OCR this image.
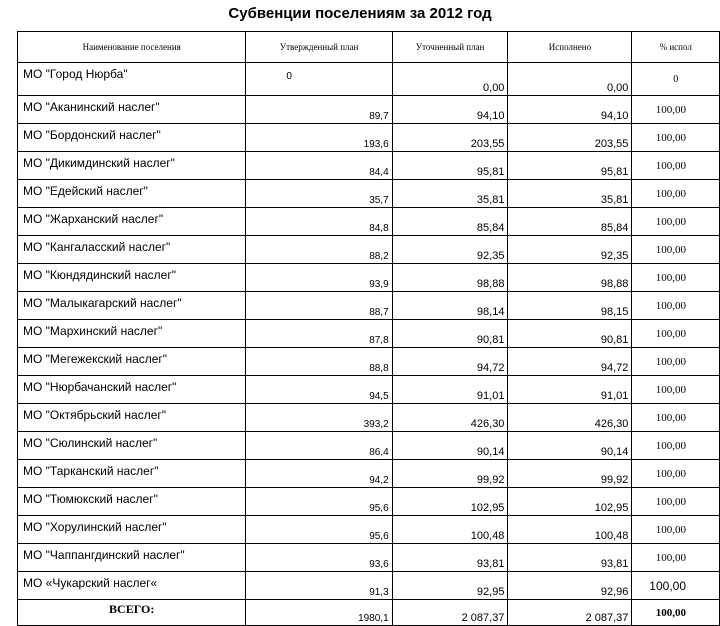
Субвенции поселениям за 2012 год
Наименование поселения	Утвержденный план	Уточненный план	Исполнено	% испол
МО "Город Нюрба"	0	0,00	0,00	0
МО "Аканинский наслег"	89,7	94,10	94,10	100,00
МО "Бордонский наслег"	193,6	203,55	203,55	100,00
МО "Дикимдинский наслег"	84,4	95,81	95,81	100,00
МО "Едейский наслег"	35,7	35,81	35,81	100,00
МО "Жарханский наслег"	84,8	85,84	85,84	100,00
МО "Кангаласский наслег"	88,2	92,35	92,35	100,00
МО "Кюндядинский наслег"	93,9	98,88	98,88	100,00
МО "Малыкагарский наслег"	88,7	98,14	98,15	100,00
МО "Мархинский наслег"	87,8	90,81	90,81	100,00
МО "Мегежекский наслег"	88,8	94,72	94,72	100,00
МО "Нюрбачанский наслег"	94,5	91,01	91,01	100,00
МО "Октябрьский наслег"	393,2	426,30	426,30	100,00
МО "Сюлинский наслег"	86,4	90,14	90,14	100,00
МО "Тарканский наслег"	94,2	99,92	99,92	100,00
МО "Тюмюкский наслег"	95,6	102,95	102,95	100,00
МО "Хорулинский наслег"	95,6	100,48	100,48	100,00
МО "Чаппангдинский наслег"	93,6	93,81	93,81	100,00
МО «Чукарский наслег«	91,3	92,95	92,96	100,00
ВСЕГО:	1980,1	2 087,37	2 087,37	100,00
